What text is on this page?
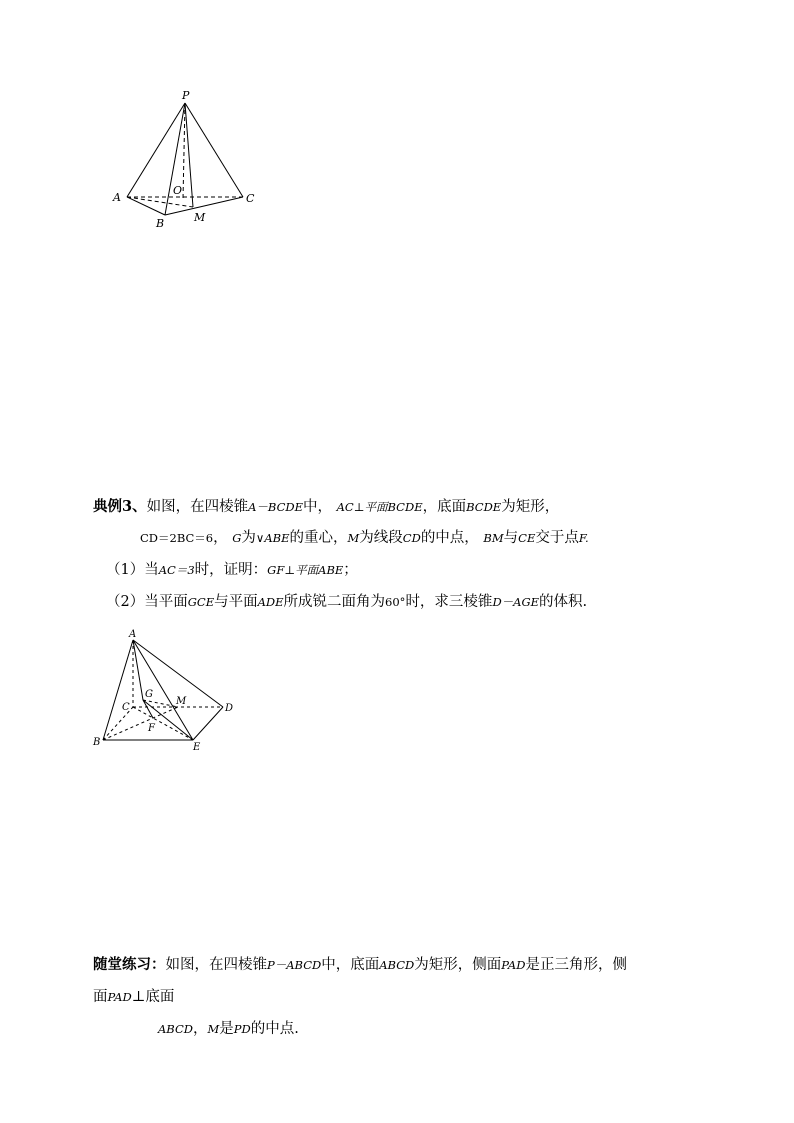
P
A
B
C
O
M
典例3、如图，在四棱锥A－BCDE中， AC⊥平面BCDE，底面BCDE为矩形，
CD＝2BC＝6， G为∨ABE的重心，M为线段CD的中点， BM与CE交于点F.
（1）当AC＝3时，证明：GF⊥平面ABE；
（2）当平面GCE与平面ADE所成锐二面角为60°时，求三棱锥D－AGE的体积.
A
B
C	D
E
G
M
F
随堂练习：如图，在四棱锥P－ABCD中，底面ABCD为矩形，侧面PAD是正三角形，侧
面PAD⊥底面
ABCD，M是PD的中点.
